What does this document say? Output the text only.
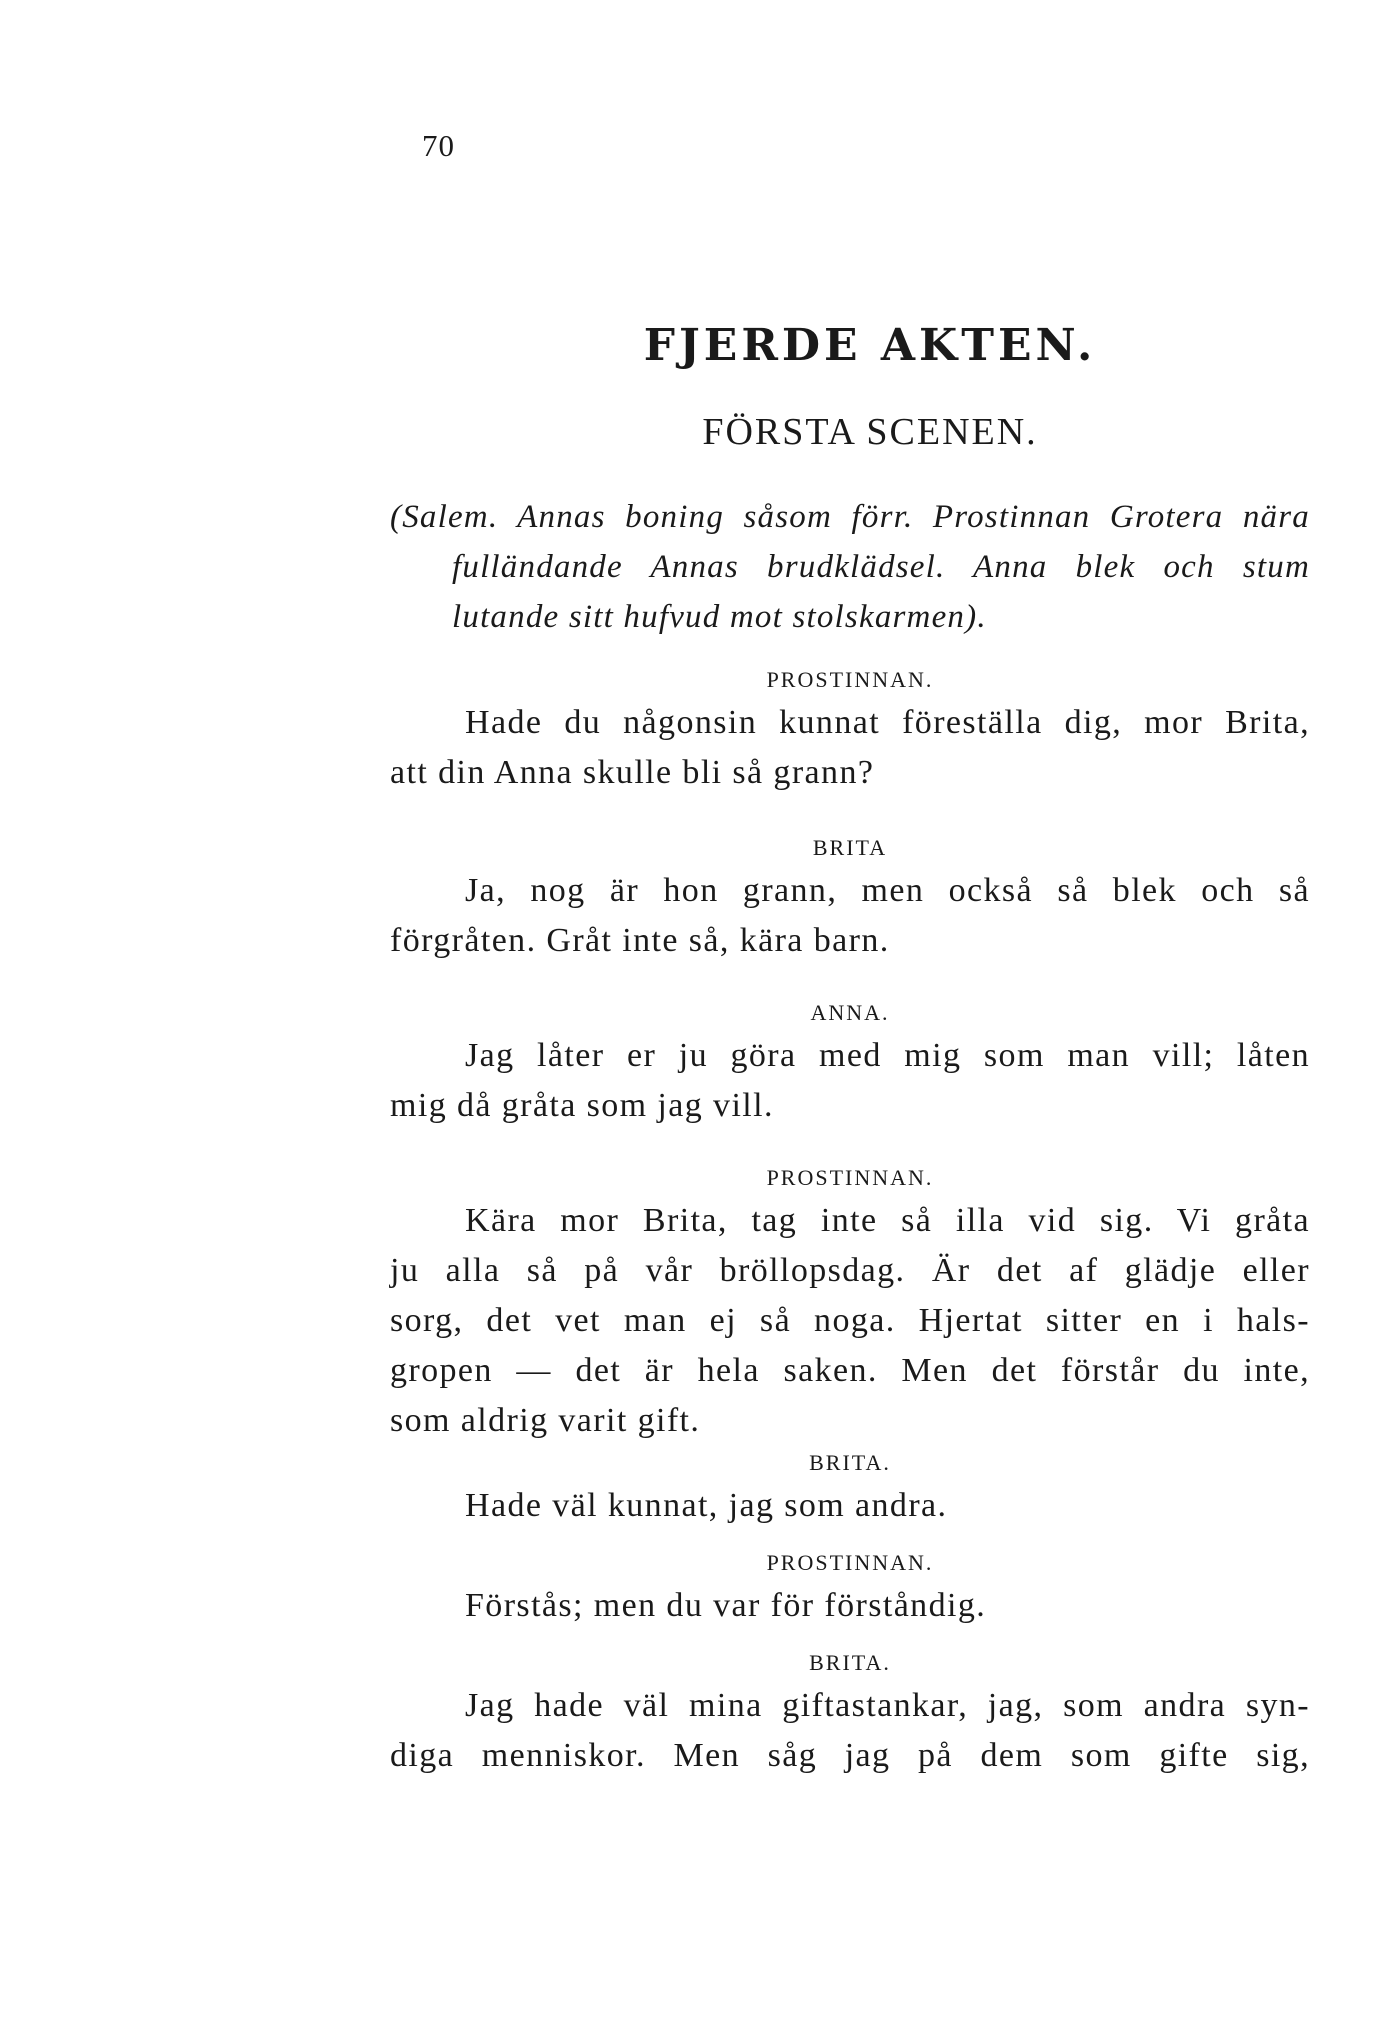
70
FJERDE AKTEN.
FÖRSTA SCENEN.
(Salem. Annas boning såsom förr. Prostinnan Grotera nära
fulländande Annas brudklädsel. Anna blek och stum
lutande sitt hufvud mot stolskarmen).
PROSTINNAN.
Hade du någonsin kunnat föreställa dig, mor Brita,
att din Anna skulle bli så grann?
BRITA
Ja, nog är hon grann, men också så blek och så
förgråten. Gråt inte så, kära barn.
ANNA.
Jag låter er ju göra med mig som man vill; låten
mig då gråta som jag vill.
PROSTINNAN.
Kära mor Brita, tag inte så illa vid sig. Vi gråta
ju alla så på vår bröllopsdag. Är det af glädje eller
sorg, det vet man ej så noga. Hjertat sitter en i hals-
gropen — det är hela saken. Men det förstår du inte,
som aldrig varit gift.
BRITA.
Hade väl kunnat, jag som andra.
PROSTINNAN.
Förstås; men du var för förståndig.
BRITA.
Jag hade väl mina giftastankar, jag, som andra syn-
diga menniskor. Men såg jag på dem som gifte sig,
